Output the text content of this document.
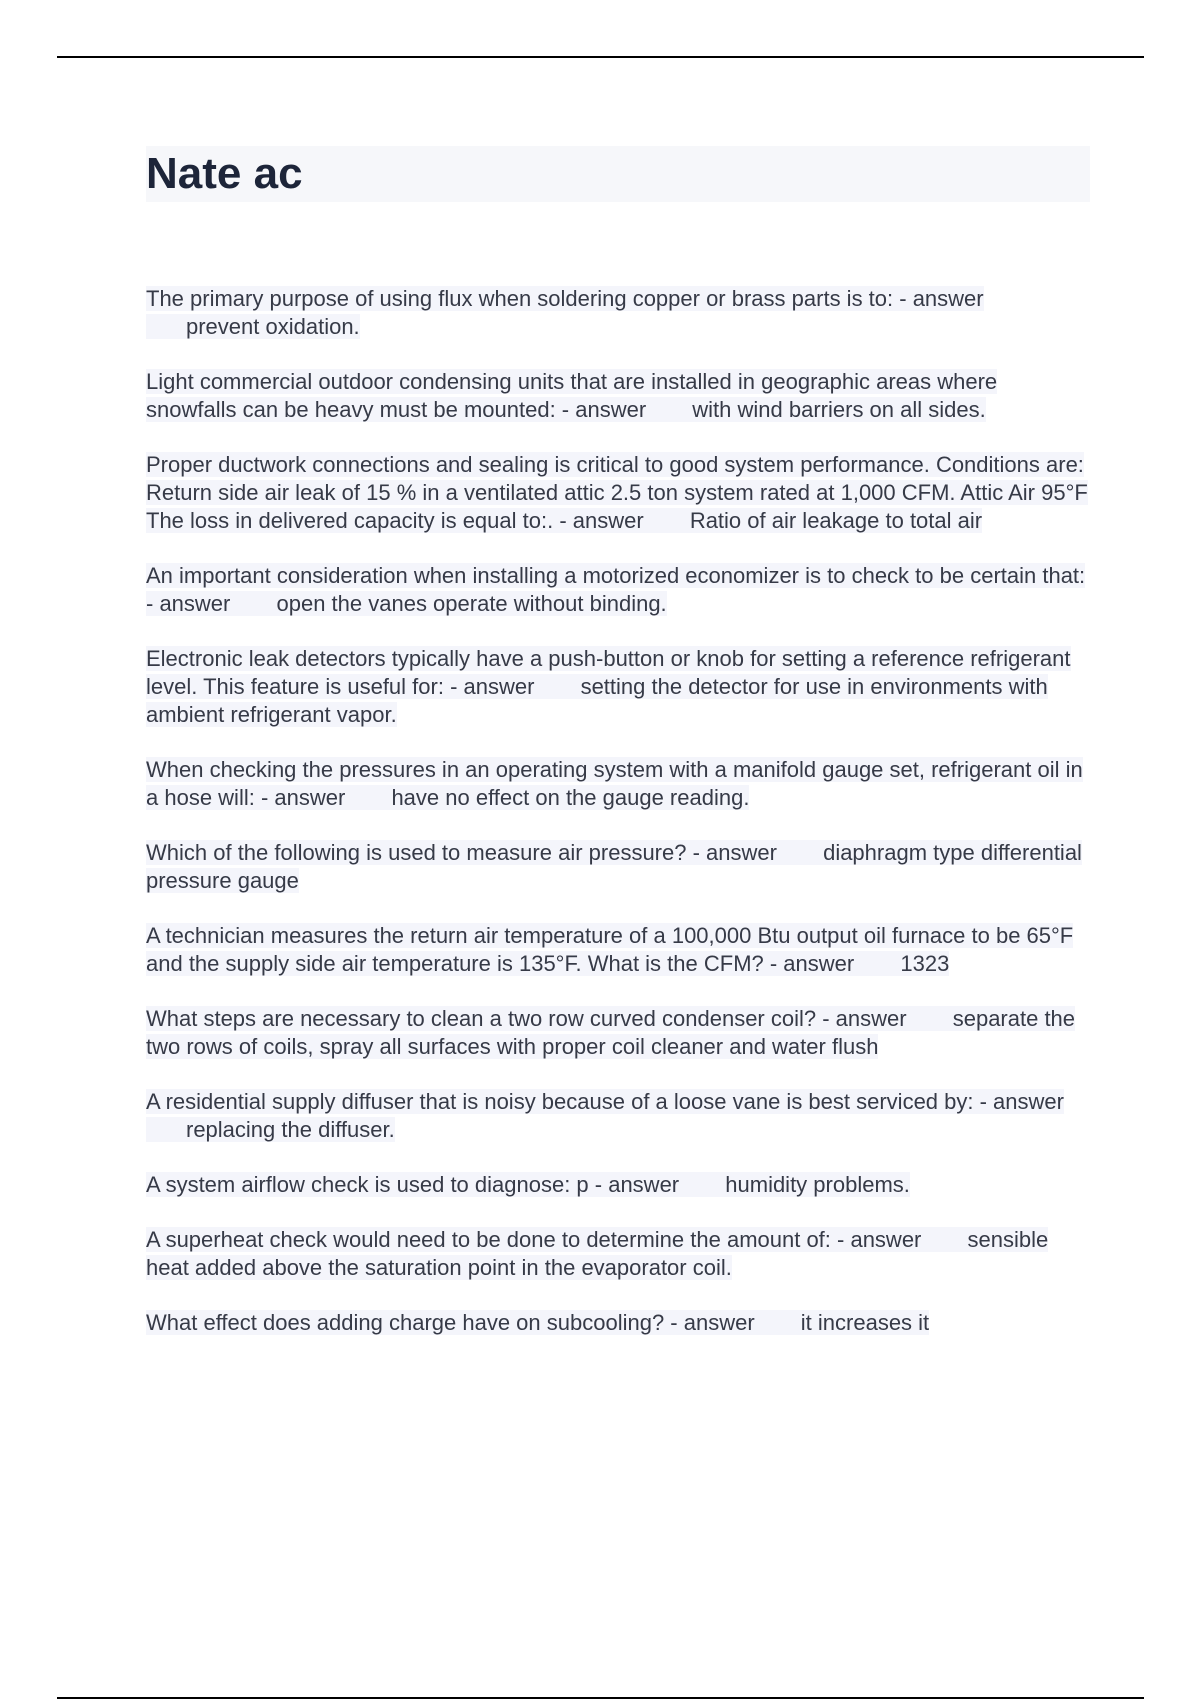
Nate ac
The primary purpose of using flux when soldering copper or brass parts is to: - answer prevent oxidation.
Light commercial outdoor condensing units that are installed in geographic areas where snowfalls can be heavy must be mounted: - answer with wind barriers on all sides.
Proper ductwork connections and sealing is critical to good system performance. Conditions are: Return side air leak of 15 % in a ventilated attic 2.5 ton system rated at 1,000 CFM. Attic Air 95°F The loss in delivered capacity is equal to:. - answer Ratio of air leakage to total air
An important consideration when installing a motorized economizer is to check to be certain that: - answer open the vanes operate without binding.
Electronic leak detectors typically have a push-button or knob for setting a reference refrigerant level. This feature is useful for: - answer setting the detector for use in environments with ambient refrigerant vapor.
When checking the pressures in an operating system with a manifold gauge set, refrigerant oil in a hose will: - answer have no effect on the gauge reading.
Which of the following is used to measure air pressure? - answer diaphragm type differential pressure gauge
A technician measures the return air temperature of a 100,000 Btu output oil furnace to be 65°F and the supply side air temperature is 135°F. What is the CFM? - answer 1323
What steps are necessary to clean a two row curved condenser coil? - answer separate the two rows of coils, spray all surfaces with proper coil cleaner and water flush
A residential supply diffuser that is noisy because of a loose vane is best serviced by: - answer replacing the diffuser.
A system airflow check is used to diagnose: p - answer humidity problems.
A superheat check would need to be done to determine the amount of: - answer sensible heat added above the saturation point in the evaporator coil.
What effect does adding charge have on subcooling? - answer it increases it
